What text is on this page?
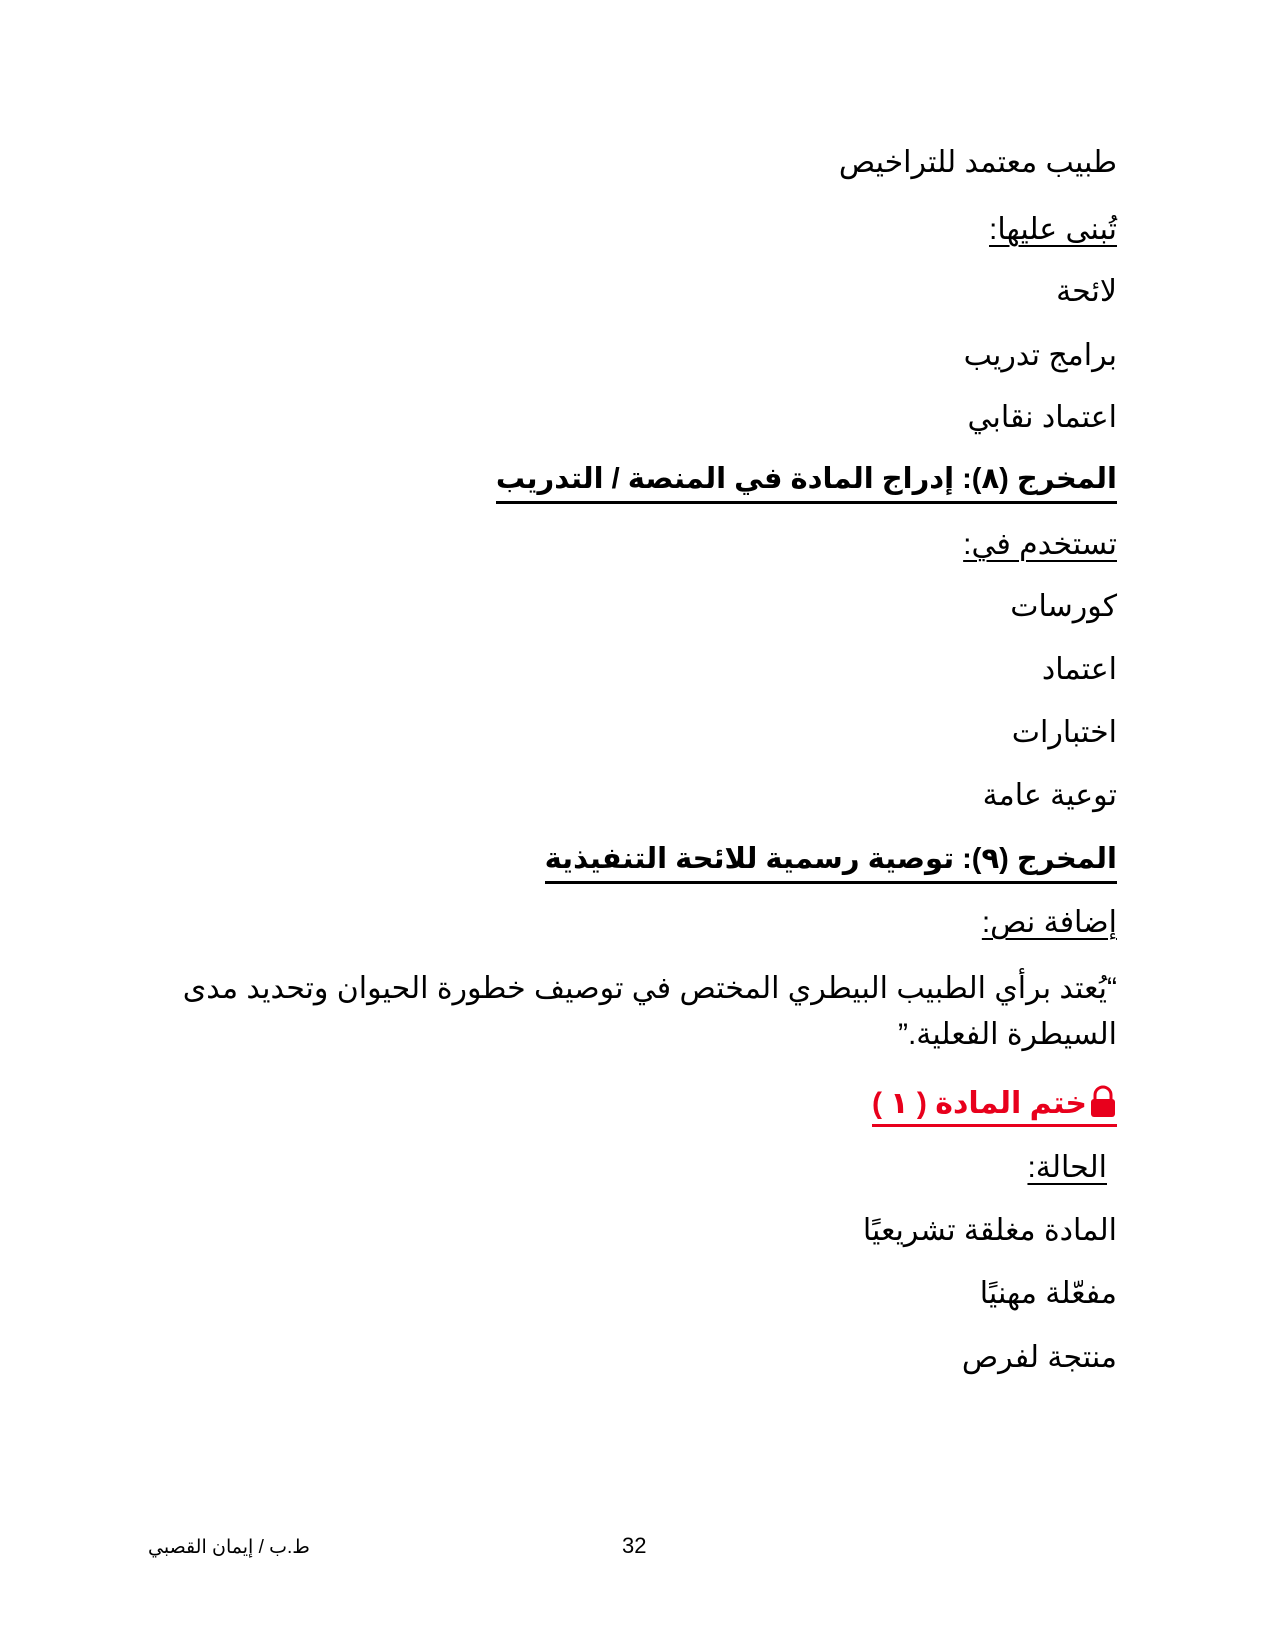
طبيب معتمد للتراخيص
تُبنى عليها:
لائحة
برامج تدريب
اعتماد نقابي
المخرج (٨): إدراج المادة في المنصة / التدريب
تستخدم في:
كورسات
اعتماد
اختبارات
توعية عامة
المخرج (٩): توصية رسمية للائحة التنفيذية
إضافة نص:
“يُعتد برأي الطبيب البيطري المختص في توصيف خطورة الحيوان وتحديد مدى السيطرة الفعلية.”
ختم المادة ( ١ )
الحالة:
المادة مغلقة تشريعيًا
مفعّلة مهنيًا
منتجة لفرص
ط.ب / إيمان القصبي	32
